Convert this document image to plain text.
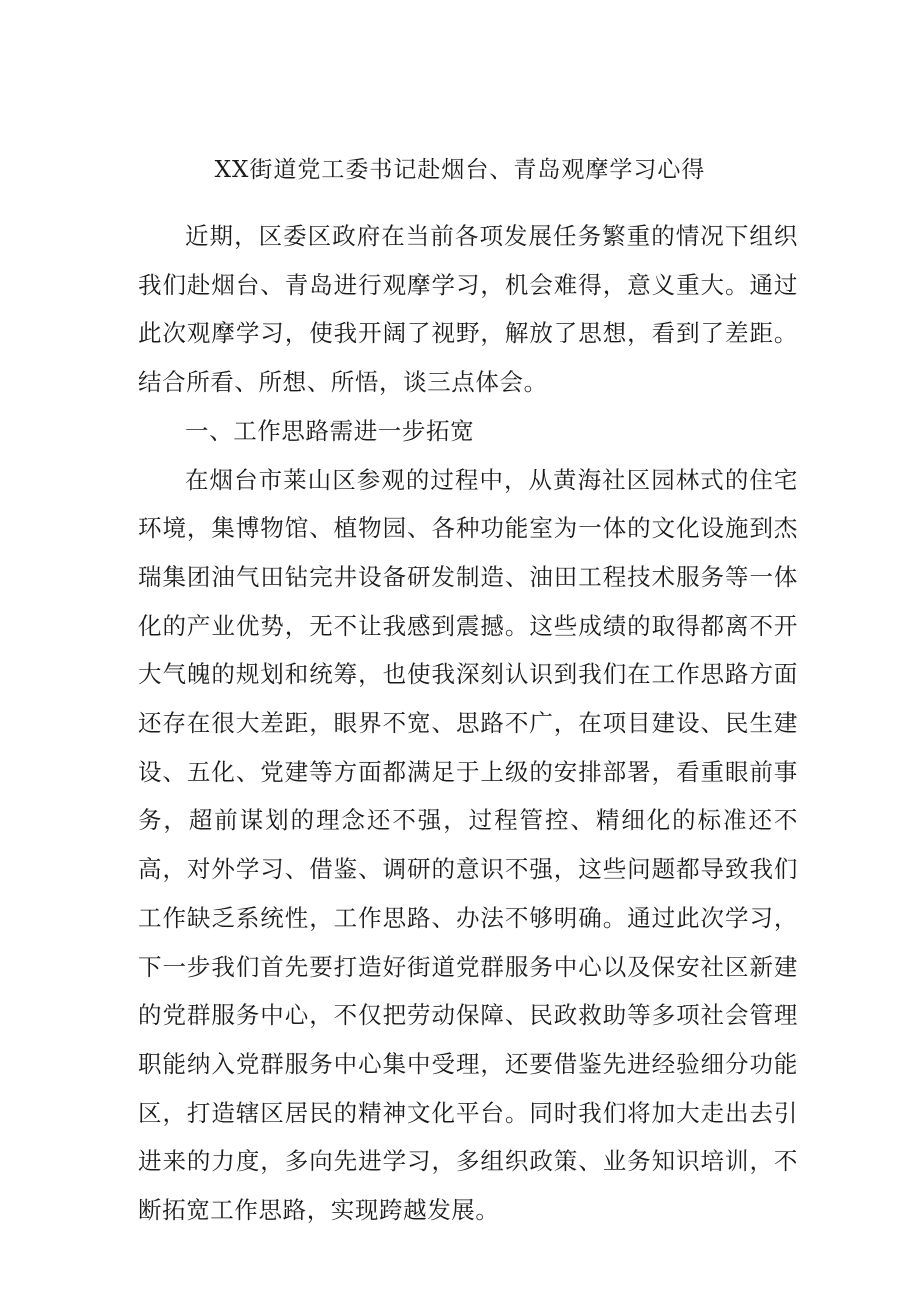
XX街道党工委书记赴烟台、青岛观摩学习心得

近期，区委区政府在当前各项发展任务繁重的情况下组织我们赴烟台、青岛进行观摩学习，机会难得，意义重大。通过此次观摩学习，使我开阔了视野，解放了思想，看到了差距。结合所看、所想、所悟，谈三点体会。

一、工作思路需进一步拓宽

在烟台市莱山区参观的过程中，从黄海社区园林式的住宅环境，集博物馆、植物园、各种功能室为一体的文化设施到杰瑞集团油气田钻完井设备研发制造、油田工程技术服务等一体化的产业优势，无不让我感到震撼。这些成绩的取得都离不开大气魄的规划和统筹，也使我深刻认识到我们在工作思路方面还存在很大差距，眼界不宽、思路不广，在项目建设、民生建设、五化、党建等方面都满足于上级的安排部署，看重眼前事务，超前谋划的理念还不强，过程管控、精细化的标准还不高，对外学习、借鉴、调研的意识不强，这些问题都导致我们工作缺乏系统性，工作思路、办法不够明确。通过此次学习，下一步我们首先要打造好街道党群服务中心以及保安社区新建的党群服务中心，不仅把劳动保障、民政救助等多项社会管理职能纳入党群服务中心集中受理，还要借鉴先进经验细分功能区，打造辖区居民的精神文化平台。同时我们将加大走出去引进来的力度，多向先进学习，多组织政策、业务知识培训，不断拓宽工作思路，实现跨越发展。
